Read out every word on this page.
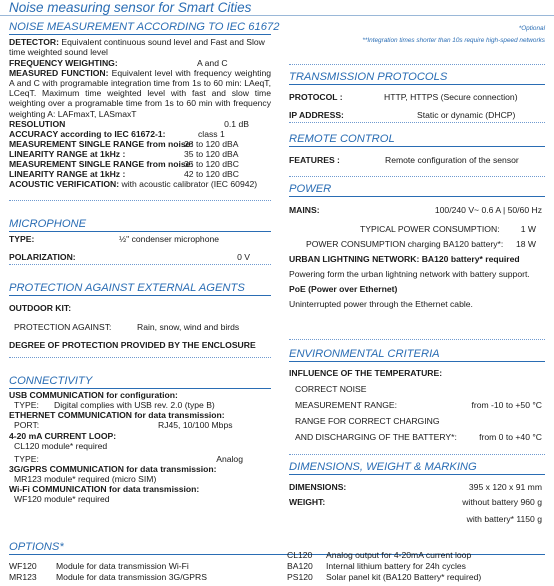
Noise measuring sensor for Smart Cities
*Optional
**Integration times shorter than 10s require high-speed networks
NOISE MEASUREMENT ACCORDING TO IEC 61672
DETECTOR: Equivalent continuous sound level and Fast and Slow time weighted sound level
FREQUENCY WEIGHTING:	A and C
MEASURED FUNCTION: Equivalent level with frequency weighting A and C with programable integration time from 1s to 60 min: LAeqT, LCeqT. Maximum time weighted level with fast and slow time weighting over a programable time from 1s to 60 min with frequency weighting A: LAFmaxT, LASmaxT
RESOLUTION	0.1 dB
ACCURACY according to IEC 61672-1:	class 1
MEASUREMENT SINGLE RANGE from noise:
28 to 120 dBA
LINEARITY RANGE at 1kHz :	35 to 120 dBA
MEASUREMENT SINGLE RANGE from noise:
35 to 120 dBC
LINEARITY RANGE at 1kHz :	42 to 120 dBC
ACOUSTIC VERIFICATION: with acoustic calibrator (IEC 60942)
MICROPHONE
TYPE:	½" condenser microphone
POLARIZATION:	0 V
PROTECTION AGAINST EXTERNAL AGENTS
OUTDOOR KIT:
PROTECTION AGAINST:	Rain, snow, wind and birds
DEGREE OF PROTECTION PROVIDED BY THE ENCLOSURE
CONNECTIVITY
USB COMMUNICATION for configuration:
TYPE: Digital complies with USB rev. 2.0 (type B)
ETHERNET COMMUNICATION for data transmission:
PORT:	RJ45, 10/100 Mbps
4-20 mA CURRENT LOOP:
CL120 module* required
TYPE:	Analog
3G/GPRS COMMUNICATION for data transmission:
MR123 module* required (micro SIM)
Wi-Fi COMMUNICATION for data transmission:
WF120 module* required
TRANSMISSION PROTOCOLS
PROTOCOL :	HTTP, HTTPS (Secure connection)
IP ADDRESS:	Static or dynamic (DHCP)
REMOTE CONTROL
FEATURES :	Remote configuration of the sensor
POWER
MAINS:	100/240 V~ 0.6 A | 50/60 Hz
TYPICAL POWER CONSUMPTION: 1 W
POWER CONSUMPTION charging BA120 battery*: 18 W
URBAN LIGHTNING NETWORK: BA120 battery* required
Powering form the urban lightning network with battery support.
PoE (Power over Ethernet)
Uninterrupted power through the Ethernet cable.
ENVIRONMENTAL CRITERIA
INFLUENCE OF THE TEMPERATURE:
CORRECT NOISE
MEASUREMENT RANGE:	from -10 to +50 °C
RANGE FOR CORRECT CHARGING
AND DISCHARGING OF THE BATTERY*:	from 0 to +40 °C
DIMENSIONS, WEIGHT & MARKING
DIMENSIONS:	395 x 120 x 91 mm
WEIGHT:	without battery 960 g
with battery* 1150 g
OPTIONS*
WF120 Module for data transmission Wi-Fi
MR123 Module for data transmission 3G/GPRS
CL120 Analog output for 4-20mA current loop
BA120 Internal lithium battery for 24h cycles
PS120 Solar panel kit (BA120 Battery* required)
